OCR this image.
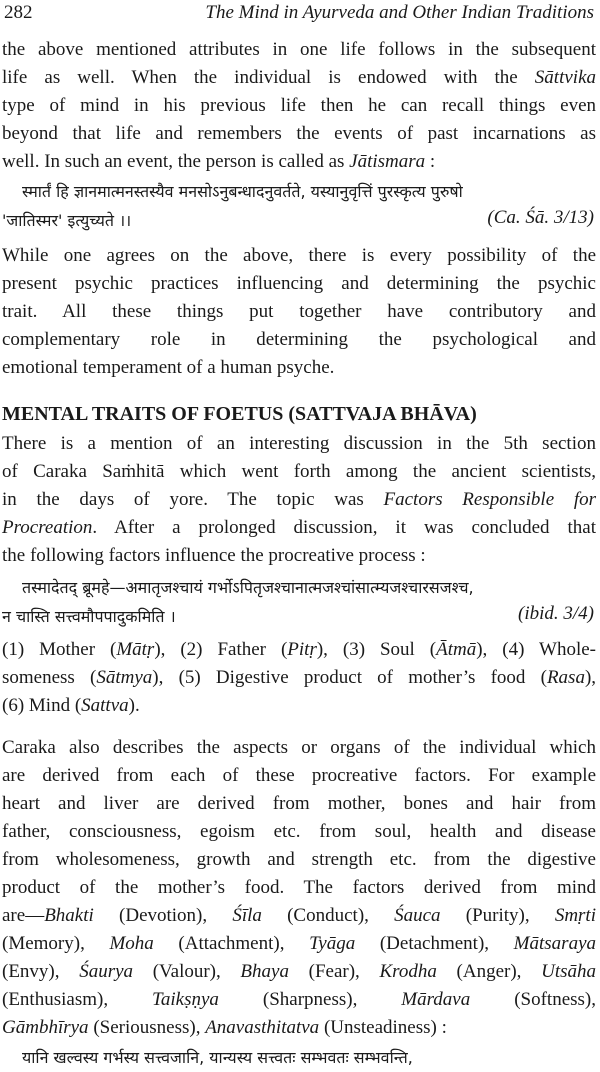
282	The Mind in Ayurveda and Other Indian Traditions
the above mentioned attributes in one life follows in the subsequent
life as well. When the individual is endowed with the Sāttvika
type of mind in his previous life then he can recall things even
beyond that life and remembers the events of past incarnations as
well. In such an event, the person is called as Jātismara :
स्मार्तं हि ज्ञानमात्मनस्तस्यैव मनसोऽनुबन्धादनुवर्तते, यस्यानुवृत्तिं पुरस्कृत्य पुरुषो
'जातिस्मर' इत्युच्यते ।।	(Ca. Śā. 3/13)
While one agrees on the above, there is every possibility of the
present psychic practices influencing and determining the psychic
trait. All these things put together have contributory and
complementary role in determining the psychological and
emotional temperament of a human psyche.
MENTAL TRAITS OF FOETUS (SATTVAJA BHĀVA)
There is a mention of an interesting discussion in the 5th section
of Caraka Saṁhitā which went forth among the ancient scientists,
in the days of yore. The topic was Factors Responsible for
Procreation. After a prolonged discussion, it was concluded that
the following factors influence the procreative process :
तस्मादेतद् ब्रूमहे—अमातृजश्चायं गर्भोऽपितृजश्चानात्मजश्चांसात्म्यजश्चारसजश्च,
न चास्ति सत्त्वमौपपादुकमिति ।	(ibid. 3/4)
(1) Mother (Mātṛ), (2) Father (Pitṛ), (3) Soul (Ātmā), (4) Whole-
someness (Sātmya), (5) Digestive product of mother’s food (Rasa),
(6) Mind (Sattva).
Caraka also describes the aspects or organs of the individual which
are derived from each of these procreative factors. For example
heart and liver are derived from mother, bones and hair from
father, consciousness, egoism etc. from soul, health and disease
from wholesomeness, growth and strength etc. from the digestive
product of the mother’s food. The factors derived from mind
are—Bhakti (Devotion), Śīla (Conduct), Śauca (Purity), Smṛti
(Memory), Moha (Attachment), Tyāga (Detachment), Mātsaraya
(Envy), Śaurya (Valour), Bhaya (Fear), Krodha (Anger), Utsāha
(Enthusiasm), Taikṣṇya (Sharpness), Mārdava (Softness),
Gāmbhīrya (Seriousness), Anavasthitatva (Unsteadiness) :
यानि खल्वस्य गर्भस्य सत्त्वजानि, यान्यस्य सत्त्वतः सम्भवतः सम्भवन्ति,
